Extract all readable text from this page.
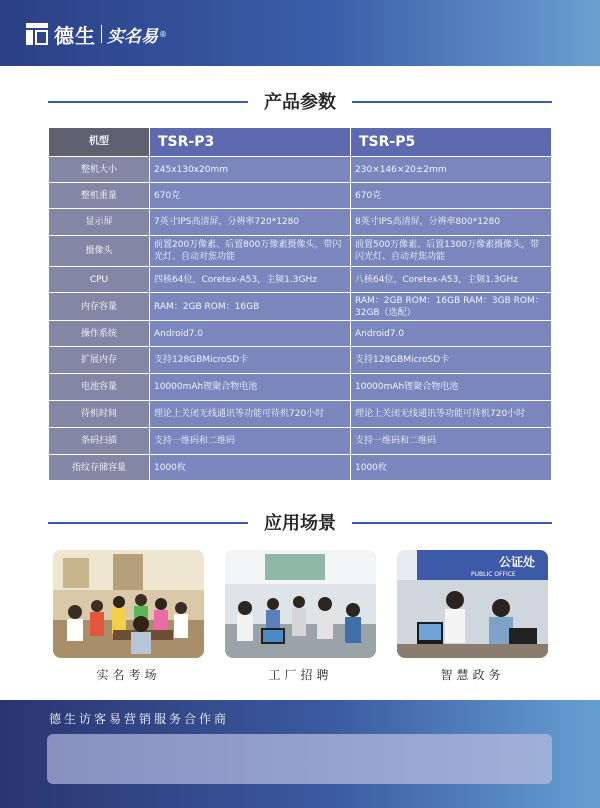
德生 实名易 ®
产品参数
机型	TSR-P3	TSR-P5
整机大小	245x130x20mm	230×146×20±2mm
整机重量	670克	670克
显示屏	7英寸IPS高清屏，分辨率720*1280	8英寸IPS高清屏，分辨率800*1280
摄像头	前置200万像素、后置800万像素摄像头，带闪光灯、自动对焦功能	前置500万像素、后置1300万像素摄像头，带闪光灯、自动对焦功能
CPU	四核64位，Coretex-A53，主频1.3GHz	八核64位，Coretex-A53，主频1.3GHz
内存容量	RAM：2GB ROM：16GB	RAM：2GB ROM：16GB RAM：3GB ROM：32GB（选配）
操作系统	Android7.0	Android7.0
扩展内存	支持128GBMicroSD卡	支持128GBMicroSD卡
电池容量	10000mAh锂聚合物电池	10000mAh锂聚合物电池
待机时间	理论上关闭无线通讯等功能可待机720小时	理论上关闭无线通讯等功能可待机720小时
条码扫描	支持一维码和二维码	支持一维码和二维码
指纹存储容量	1000枚	1000枚
应用场景
实名考场	工厂招聘
公证处
PUBLIC OFFICE
智慧政务
德生访客易营销服务合作商
